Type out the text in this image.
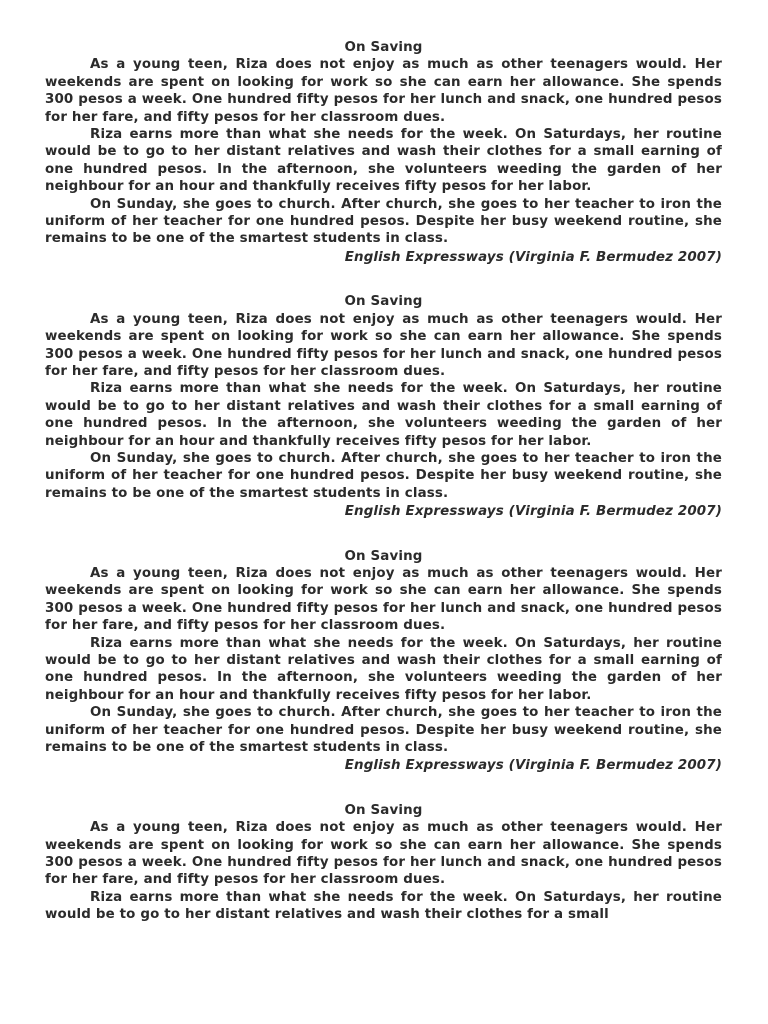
On Saving

As a young teen, Riza does not enjoy as much as other teenagers would. Her weekends are spent on looking for work so she can earn her allowance. She spends 300 pesos a week. One hundred fifty pesos for her lunch and snack, one hundred pesos for her fare, and fifty pesos for her classroom dues.

Riza earns more than what she needs for the week. On Saturdays, her routine would be to go to her distant relatives and wash their clothes for a small earning of one hundred pesos. In the afternoon, she volunteers weeding the garden of her neighbour for an hour and thankfully receives fifty pesos for her labor.

On Sunday, she goes to church. After church, she goes to her teacher to iron the uniform of her teacher for one hundred pesos. Despite her busy weekend routine, she remains to be one of the smartest students in class.

English Expressways (Virginia F. Bermudez 2007)

On Saving

As a young teen, Riza does not enjoy as much as other teenagers would. Her weekends are spent on looking for work so she can earn her allowance. She spends 300 pesos a week. One hundred fifty pesos for her lunch and snack, one hundred pesos for her fare, and fifty pesos for her classroom dues.

Riza earns more than what she needs for the week. On Saturdays, her routine would be to go to her distant relatives and wash their clothes for a small earning of one hundred pesos. In the afternoon, she volunteers weeding the garden of her neighbour for an hour and thankfully receives fifty pesos for her labor.

On Sunday, she goes to church. After church, she goes to her teacher to iron the uniform of her teacher for one hundred pesos. Despite her busy weekend routine, she remains to be one of the smartest students in class.

English Expressways (Virginia F. Bermudez 2007)

On Saving

As a young teen, Riza does not enjoy as much as other teenagers would. Her weekends are spent on looking for work so she can earn her allowance. She spends 300 pesos a week. One hundred fifty pesos for her lunch and snack, one hundred pesos for her fare, and fifty pesos for her classroom dues.

Riza earns more than what she needs for the week. On Saturdays, her routine would be to go to her distant relatives and wash their clothes for a small earning of one hundred pesos. In the afternoon, she volunteers weeding the garden of her neighbour for an hour and thankfully receives fifty pesos for her labor.

On Sunday, she goes to church. After church, she goes to her teacher to iron the uniform of her teacher for one hundred pesos. Despite her busy weekend routine, she remains to be one of the smartest students in class.

English Expressways (Virginia F. Bermudez 2007)

On Saving

As a young teen, Riza does not enjoy as much as other teenagers would. Her weekends are spent on looking for work so she can earn her allowance. She spends 300 pesos a week. One hundred fifty pesos for her lunch and snack, one hundred pesos for her fare, and fifty pesos for her classroom dues.

Riza earns more than what she needs for the week. On Saturdays, her routine would be to go to her distant relatives and wash their clothes for a small
